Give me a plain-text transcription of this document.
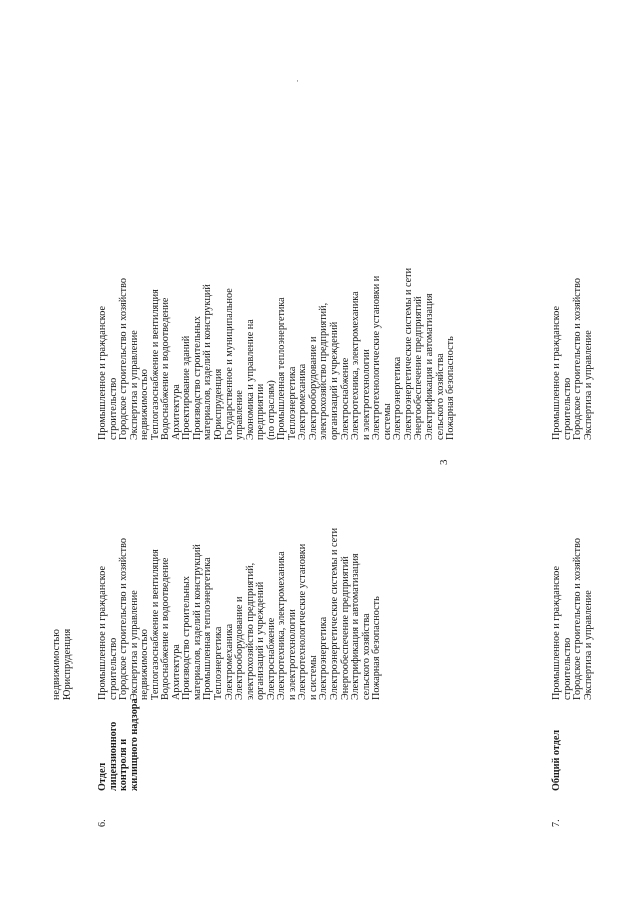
3
недвижимостью Юриспруденция
6.
Отдел лицензионного контроля и жилищного надзора
Промышленное и гражданское строительство Городское строительство и хозяйство Экспертиза и управление недвижимостью Теплогазоснабжение и вентиляция Водоснабжение и водоотведение Архитектура Производство строительных материалов, изделий и конструкций Промышленная теплоэнергетика Теплоэнергетика Электромеханика Электрооборудование и электрохозяйство предприятий, организаций и учреждений Электроснабжение Электротехника, электромеханика и электротехнологии Электротехнологические установки и системы Электроэнергетика Электроэнергетические системы и сети Энергообеспечение предприятий Электрификация и автоматизация сельского хозяйства Пожарная безопасность
Промышленное и гражданское строительство Городское строительство и хозяйство Экспертиза и управление недвижимостью Теплогазоснабжение и вентиляция Водоснабжение и водоотведение Архитектура Проектирование зданий Производство строительных материалов, изделий и конструкций Юриспруденция Государственное и муниципальное управление Экономика и управление на предприятии (по отраслям) Промышленная теплоэнергетика Теплоэнергетика Электромеханика Электрооборудование и электрохозяйство предприятий, организаций и учреждений Электроснабжение Электротехника, электромеханика и электротехнологии Электротехнологические установки и системы Электроэнергетика Электроэнергетические системы и сети Энергообеспечение предприятий Электрификация и автоматизация сельского хозяйства Пожарная безопасность
7.
Общий отдел
Промышленное и гражданское строительство Городское строительство и хозяйство Экспертиза и управление
Промышленное и гражданское строительство Городское строительство и хозяйство Экспертиза и управление
·
